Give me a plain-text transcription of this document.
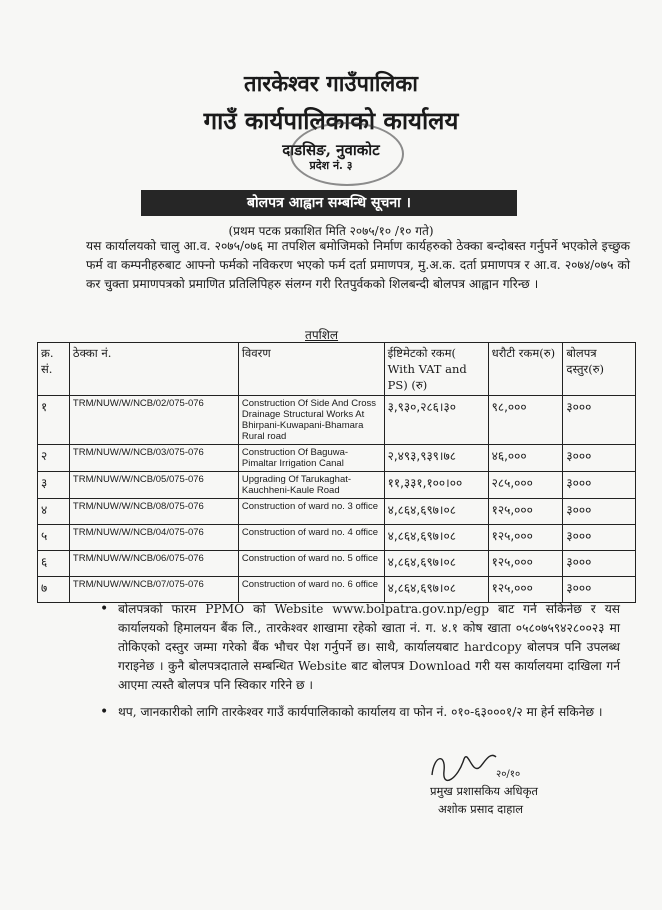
तारकेश्वर गाउँपालिका
गाउँ कार्यपालिकाको कार्यालय
दाडसिङ, नुवाकोट
प्रदेश नं. ३
बोलपत्र आह्वान सम्बन्धि सूचना ।
(प्रथम पटक प्रकाशित मिति २०७५/१० /१० गते)
यस कार्यालयको चालु आ.व. २०७५/०७६ मा तपशिल बमोजिमको निर्माण कार्यहरुको ठेक्का बन्दोबस्त गर्नुपर्ने भएकोले इच्छुक फर्म वा कम्पनीहरुबाट आफ्नो फर्मको नविकरण भएको फर्म दर्ता प्रमाणपत्र, मु.अ.क. दर्ता प्रमाणपत्र र आ.व. २०७४/०७५ को कर चुक्ता प्रमाणपत्रको प्रमाणित प्रतिलिपिहरु संलग्न गरी रितपुर्वकको शिलबन्दी बोलपत्र आह्वान गरिन्छ ।
तपशिल
क्र. सं.	ठेक्का नं.	विवरण	ईष्टिमेटको रकम( With VAT and PS) (रु)	धरौटी रकम(रु)	बोलपत्र दस्तुर(रु)
१	TRM/NUW/W/NCB/02/075-076	Construction Of Side And Cross Drainage Structural Works At Bhirpani-Kuwapani-Bhamara Rural road	३,९३०,२८६।३०	९८,०००	३०००
२	TRM/NUW/W/NCB/03/075-076	Construction Of Baguwa-Pimaltar Irrigation Canal	२,४९३,९३९।७८	४६,०००	३०००
३	TRM/NUW/W/NCB/05/075-076	Upgrading Of Tarukaghat-Kauchheni-Kaule Road	११,३३१,१००।००	२८५,०००	३०००
४	TRM/NUW/W/NCB/08/075-076	Construction of ward no. 3 office	४,८६४,६९७।०८	१२५,०००	३०००
५	TRM/NUW/W/NCB/04/075-076	Construction of ward no. 4 office	४,८६४,६९७।०८	१२५,०००	३०००
६	TRM/NUW/W/NCB/06/075-076	Construction of ward no. 5 office	४,८६४,६९७।०८	१२५,०००	३०००
७	TRM/NUW/W/NCB/07/075-076	Construction of ward no. 6 office	४,८६४,६९७।०८	१२५,०००	३०००
• बोलपत्रको फारम PPMO को Website www.bolpatra.gov.np/egp बाट गर्न सकिनेछ र यस कार्यालयको हिमालयन बैंक लि., तारकेश्वर शाखामा रहेको खाता नं. ग. ४.१ कोष खाता ०५८०७५९४२८००२३ मा तोकिएको दस्तुर जम्मा गरेको बैंक भौचर पेश गर्नुपर्ने छ। साथै, कार्यालयबाट hardcopy बोलपत्र पनि उपलब्ध गराइनेछ । कुनै बोलपत्रदाताले सम्बन्धित Website बाट बोलपत्र Download गरी यस कार्यालयमा दाखिला गर्न आएमा त्यस्तै बोलपत्र पनि स्विकार गरिने छ ।
• थप, जानकारीको लागि तारकेश्वर गाउँ कार्यपालिकाको कार्यालय वा फोन नं. ०१०-६३०००१/२ मा हेर्न सकिनेछ ।
२०/१०
प्रमुख प्रशासकिय अधिकृत
अशोक प्रसाद दाहाल
